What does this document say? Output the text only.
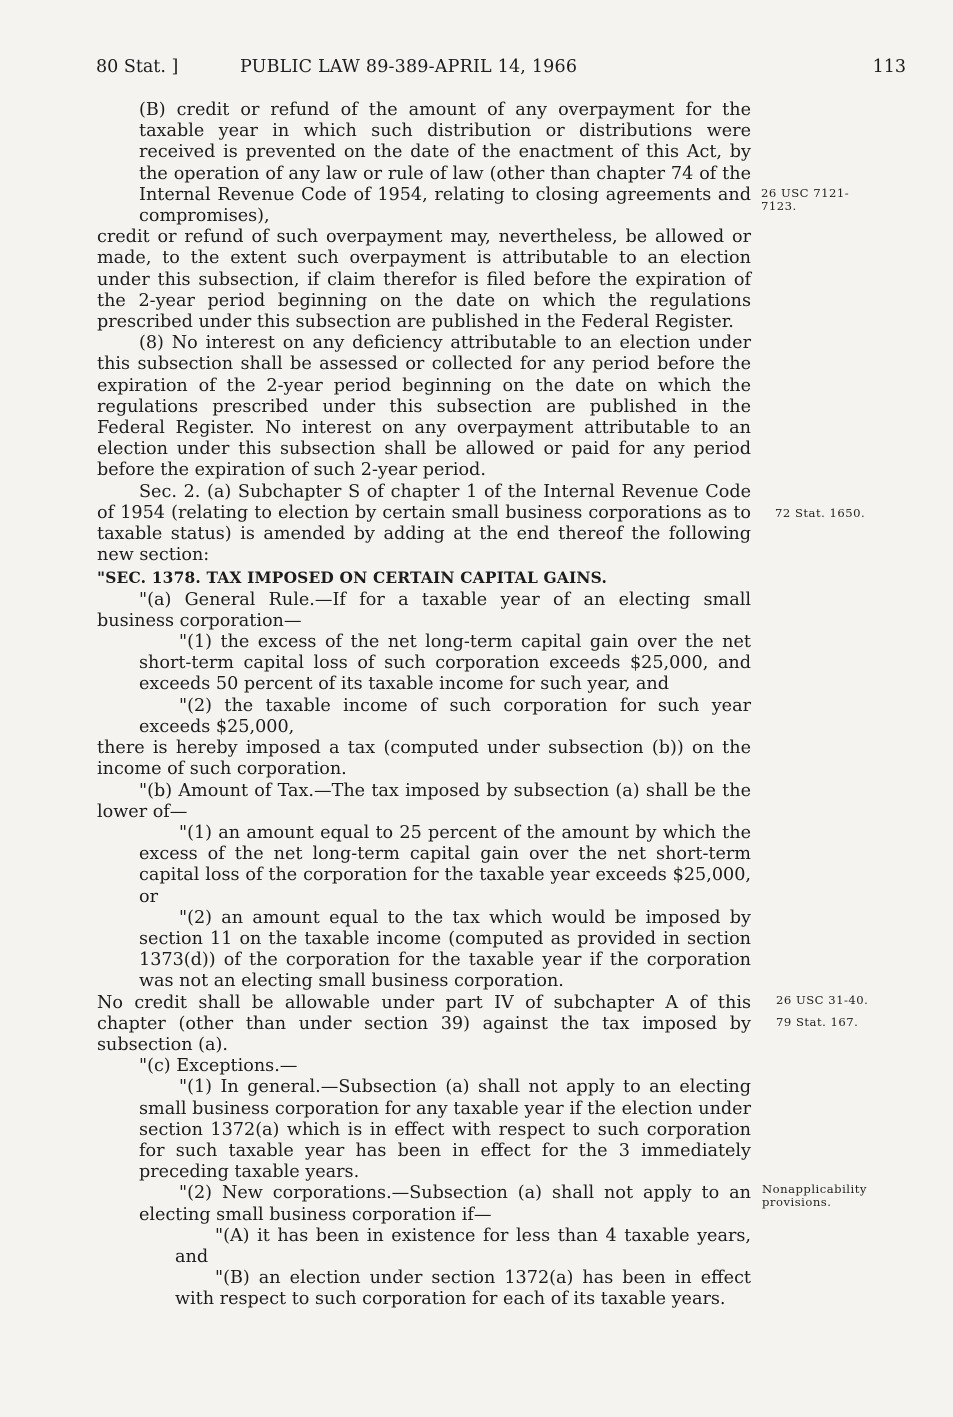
80 Stat. ]	PUBLIC LAW 89-389-APRIL 14, 1966	113

(B) credit or refund of the amount of any overpayment for the taxable year in which such distribution or distributions were received is prevented on the date of the enactment of this Act, by the operation of any law or rule of law (other than chapter 74 of the Internal Revenue Code of 1954, relating to closing agreements and compromises),

credit or refund of such overpayment may, nevertheless, be allowed or made, to the extent such overpayment is attributable to an election under this subsection, if claim therefor is filed before the expiration of the 2-year period beginning on the date on which the regulations prescribed under this subsection are published in the Federal Register.

(8) No interest on any deficiency attributable to an election under this subsection shall be assessed or collected for any period before the expiration of the 2-year period beginning on the date on which the regulations prescribed under this subsection are published in the Federal Register. No interest on any overpayment attributable to an election under this subsection shall be allowed or paid for any period before the expiration of such 2-year period.

Sec. 2. (a) Subchapter S of chapter 1 of the Internal Revenue Code of 1954 (relating to election by certain small business corporations as to taxable status) is amended by adding at the end thereof the following new section:

"SEC. 1378. TAX IMPOSED ON CERTAIN CAPITAL GAINS.

"(a) General Rule.—If for a taxable year of an electing small business corporation—

"(1) the excess of the net long-term capital gain over the net short-term capital loss of such corporation exceeds $25,000, and exceeds 50 percent of its taxable income for such year, and

"(2) the taxable income of such corporation for such year exceeds $25,000,

there is hereby imposed a tax (computed under subsection (b)) on the income of such corporation.

"(b) Amount of Tax.—The tax imposed by subsection (a) shall be the lower of—

"(1) an amount equal to 25 percent of the amount by which the excess of the net long-term capital gain over the net short-term capital loss of the corporation for the taxable year exceeds $25,000, or

"(2) an amount equal to the tax which would be imposed by section 11 on the taxable income (computed as provided in section 1373(d)) of the corporation for the taxable year if the corporation was not an electing small business corporation.

No credit shall be allowable under part IV of subchapter A of this chapter (other than under section 39) against the tax imposed by subsection (a).

"(c) Exceptions.—

"(1) In general.—Subsection (a) shall not apply to an electing small business corporation for any taxable year if the election under section 1372(a) which is in effect with respect to such corporation for such taxable year has been in effect for the 3 immediately preceding taxable years.

"(2) New corporations.—Subsection (a) shall not apply to an electing small business corporation if—

"(A) it has been in existence for less than 4 taxable years, and

"(B) an election under section 1372(a) has been in effect with respect to such corporation for each of its taxable years.

26 USC 7121-7123.
72 Stat. 1650.
26 USC 31-40.
79 Stat. 167.
Nonapplicability provisions.
